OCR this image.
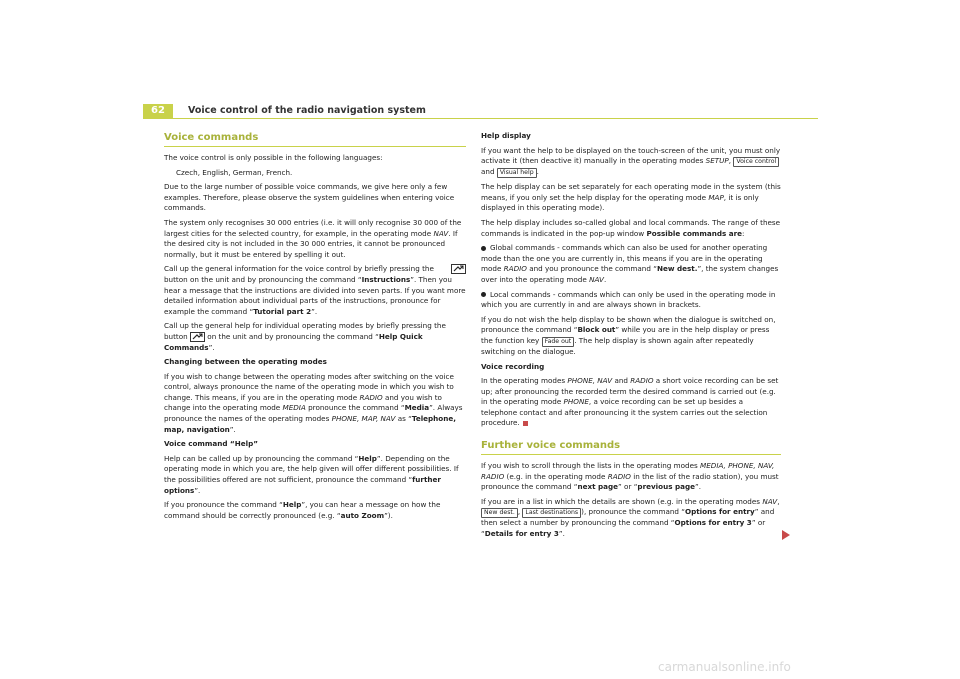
62	Voice control of the radio navigation system
Voice commands

The voice control is only possible in the following languages:

Czech, English, German, French.

Due to the large number of possible voice commands, we give here only a few examples. Therefore, please observe the system guidelines when entering voice commands.

The system only recognises 30 000 entries (i.e. it will only recognise 30 000 of the largest cities for the selected country, for example, in the operating mode NAV. If the desired city is not included in the 30 000 entries, it cannot be pronounced normally, but it must be entered by spelling it out.

Call up the general information for the voice control by briefly pressing the button on the unit and by pronouncing the command “Instructions”. Then you hear a message that the instructions are divided into seven parts. If you want more detailed information about individual parts of the instructions, pronounce for example the command “Tutorial part 2”.

Call up the general help for individual operating modes by briefly pressing the button
on the unit and by pronouncing the command “Help Quick Commands”.

Changing between the operating modes

If you wish to change between the operating modes after switching on the voice control, always pronounce the name of the operating mode in which you wish to change. This means, if you are in the operating mode RADIO and you wish to change into the operating mode MEDIA pronounce the command “Media”. Always pronounce the names of the operating modes PHONE, MAP, NAV as “Telephone, map, navigation”.

Voice command “Help”

Help can be called up by pronouncing the command “Help”. Depending on the operating mode in which you are, the help given will offer different possibilities. If the possibilities offered are not sufficient, pronounce the command “further options”.

If you pronounce the command “Help”, you can hear a message on how the command should be correctly pronounced (e.g. “auto Zoom”).

Help display

If you want the help to be displayed on the touch-screen of the unit, you must only activate it (then deactive it) manually in the operating modes SETUP, Voice control and Visual help .

The help display can be set separately for each operating mode in the system (this means, if you only set the help display for the operating mode MAP, it is only displayed in this operating mode).

The help display includes so-called global and local commands. The range of these commands is indicated in the pop-up window Possible commands are:

Global commands - commands which can also be used for another operating mode than the one you are currently in, this means if you are in the operating mode RADIO and you pronounce the command “New dest.”, the system changes over into the operating mode NAV.

Local commands - commands which can only be used in the operating mode in which you are currently in and are always shown in brackets.

If you do not wish the help display to be shown when the dialogue is switched on, pronounce the command “Block out” while you are in the help display or press the function key Fade out . The help display is shown again after repeatedly switching on the dialogue.

Voice recording

In the operating modes PHONE, NAV and RADIO a short voice recording can be set up; after pronouncing the recorded term the desired command is carried out (e.g. in the operating mode PHONE, a voice recording can be set up besides a telephone contact and after pronouncing it the system carries out the selection procedure.

Further voice commands

If you wish to scroll through the lists in the operating modes MEDIA, PHONE, NAV, RADIO (e.g. in the operating mode RADIO in the list of the radio station), you must pronounce the command “next page” or “previous page”.

If you are in a list in which the details are shown (e.g. in the operating modes NAV, New dest. , Last destinations ), pronounce the command “Options for entry” and then select a number by pronouncing the command “Options for entry 3” or “Details for entry 3”.

carmanualsonline.info
